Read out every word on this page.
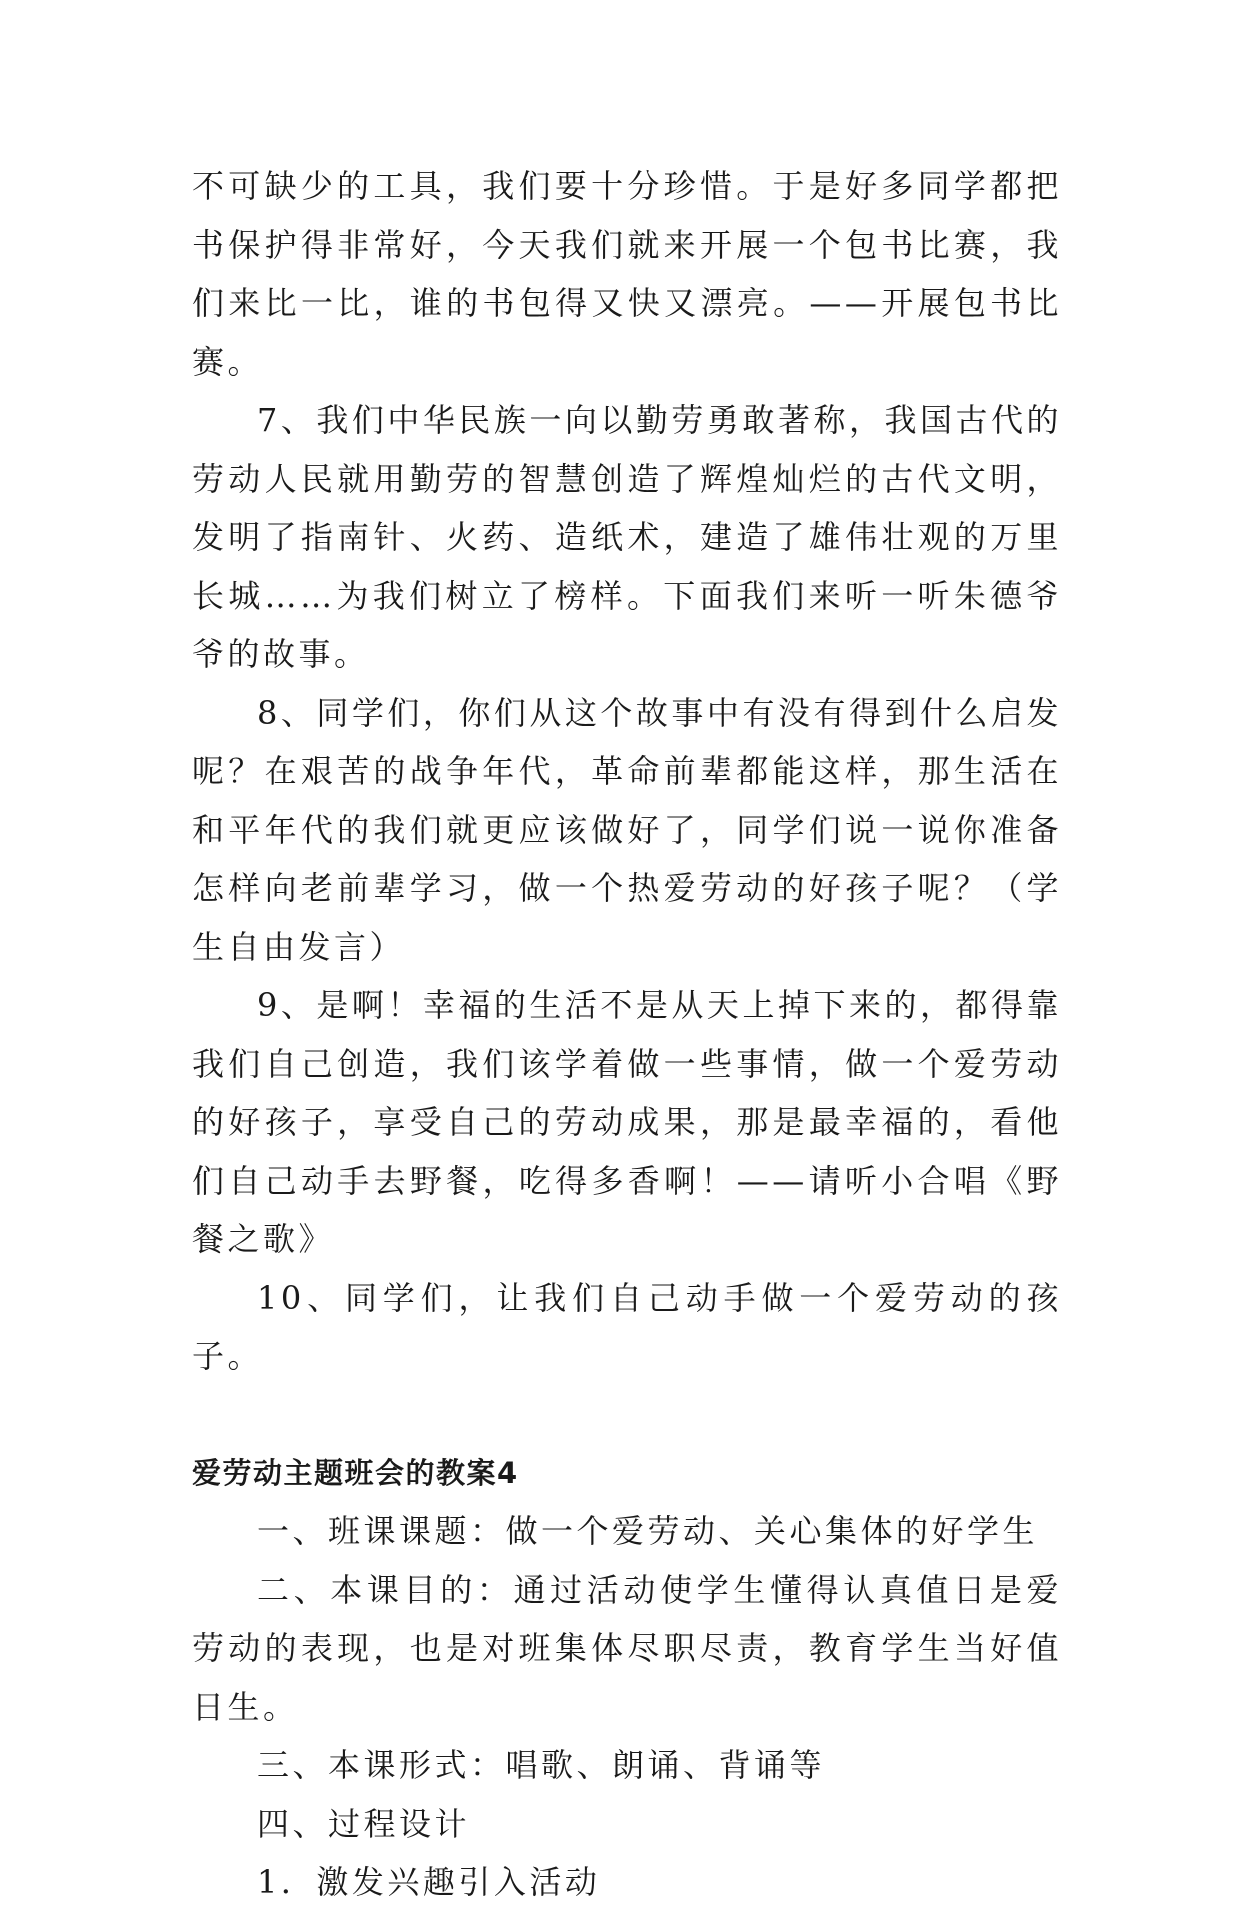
不可缺少的工具，我们要十分珍惜。于是好多同学都把书保护得非常好，今天我们就来开展一个包书比赛，我们来比一比，谁的书包得又快又漂亮。——开展包书比赛。

7、我们中华民族一向以勤劳勇敢著称，我国古代的劳动人民就用勤劳的智慧创造了辉煌灿烂的古代文明，发明了指南针、火药、造纸术，建造了雄伟壮观的万里长城……为我们树立了榜样。下面我们来听一听朱德爷爷的故事。

8、同学们，你们从这个故事中有没有得到什么启发呢？在艰苦的战争年代，革命前辈都能这样，那生活在和平年代的我们就更应该做好了，同学们说一说你准备怎样向老前辈学习，做一个热爱劳动的好孩子呢？（学生自由发言）

9、是啊！幸福的生活不是从天上掉下来的，都得靠我们自己创造，我们该学着做一些事情，做一个爱劳动的好孩子，享受自己的劳动成果，那是最幸福的，看他们自己动手去野餐，吃得多香啊！——请听小合唱《野餐之歌》

10、同学们，让我们自己动手做一个爱劳动的孩子。

爱劳动主题班会的教案4

一、班课课题：做一个爱劳动、关心集体的好学生

二、本课目的：通过活动使学生懂得认真值日是爱劳动的表现，也是对班集体尽职尽责，教育学生当好值日生。

三、本课形式：唱歌、朗诵、背诵等

四、过程设计

1．激发兴趣引入活动
